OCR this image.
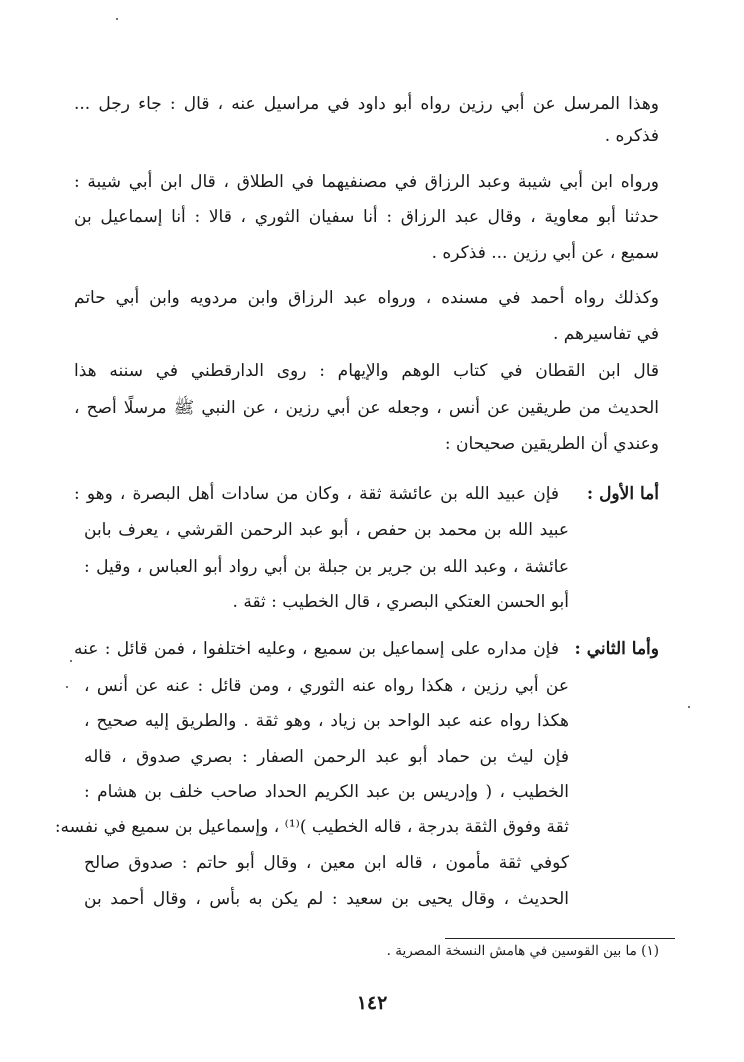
وهذا المرسل عن أبي رزين رواه أبو داود في مراسيل عنه ، قال : جاء رجل ...
فذكره .
ورواه ابن أبي شيبة وعبد الرزاق في مصنفيهما في الطلاق ، قال ابن أبي شيبة :
حدثنا أبو معاوية ، وقال عبد الرزاق : أنا سفيان الثوري ، قالا : أنا إسماعيل بن
سميع ، عن أبي رزين ... فذكره .
وكذلك رواه أحمد في مسنده ، ورواه عبد الرزاق وابن مردويه وابن أبي حاتم
في تفاسيرهم .
قال ابن القطان في كتاب الوهم والإيهام : روى الدارقطني في سننه هذا
الحديث من طريقين عن أنس ، وجعله عن أبي رزين ، عن النبي ﷺ مرسلًا أصح ،
وعندي أن الطريقين صحيحان :
أما الأول :
فإن عبيد الله بن عائشة ثقة ، وكان من سادات أهل البصرة ، وهو :
عبيد الله بن محمد بن حفص ، أبو عبد الرحمن القرشي ، يعرف بابن
عائشة ، وعبد الله بن جرير بن جبلة بن أبي رواد أبو العباس ، وقيل :
أبو الحسن العتكي البصري ، قال الخطيب : ثقة .
وأما الثاني :
فإن مداره على إسماعيل بن سميع ، وعليه اختلفوا ، فمن قائل : عنه
عن أبي رزين ، هكذا رواه عنه الثوري ، ومن قائل : عنه عن أنس ،
هكذا رواه عنه عبد الواحد بن زياد ، وهو ثقة . والطريق إليه صحيح ،
فإن ليث بن حماد أبو عبد الرحمن الصفار : بصري صدوق ، قاله
الخطيب ، ( وإدريس بن عبد الكريم الحداد صاحب خلف بن هشام :
ثقة وفوق الثقة بدرجة ، قاله الخطيب )⁽¹⁾ ، وإسماعيل بن سميع في نفسه:
كوفي ثقة مأمون ، قاله ابن معين ، وقال أبو حاتم : صدوق صالح
الحديث ، وقال يحيى بن سعيد : لم يكن به بأس ، وقال أحمد بن
(١) ما بين القوسين في هامش النسخة المصرية .
١٤٢
